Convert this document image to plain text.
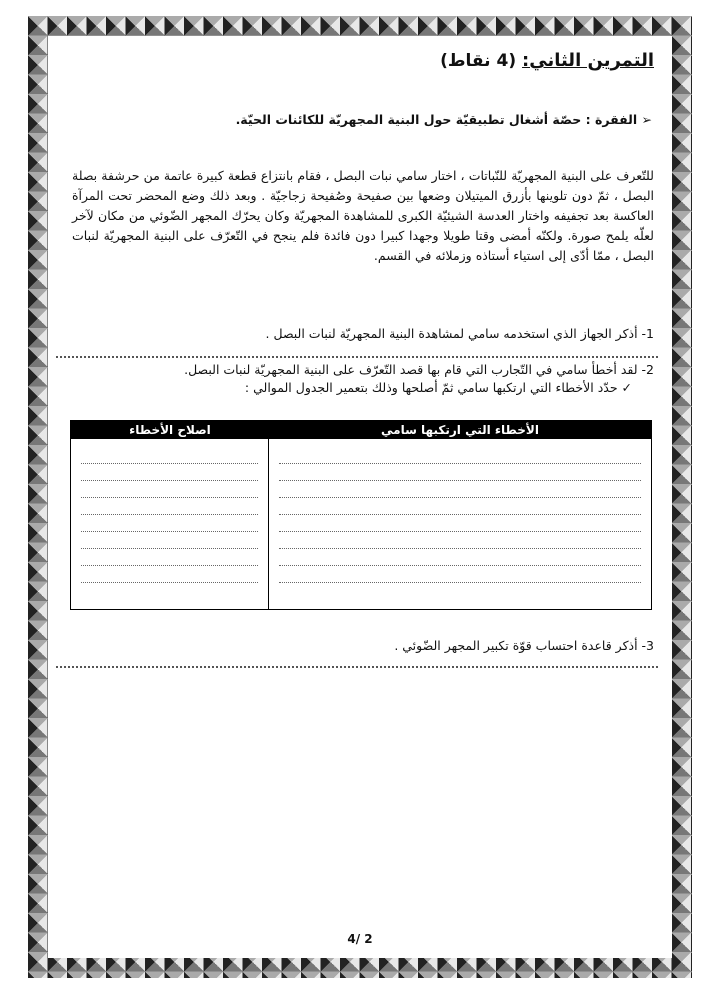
التمرين الثاني: (4 نقاط)
➢ الفقرة : حصّة أشغال تطبيقيّة حول البنية المجهريّة للكائنات الحيّة.
للتّعرف على البنية المجهريّة للنّباتات ، اختار سامي نبات البصل ، فقام بانتزاع قطعة كبيرة عاتمة من حرشفة بصلة البصل ، ثمّ دون تلوينها بأزرق الميتيلان وضعها بين صفيحة وصُفيحة زجاجيّة . وبعد ذلك وضع المحضر تحت المرآة العاكسة بعد تجفيفه واختار العدسة الشيئيّة الكبرى للمشاهدة المجهريّة وكان يحرّك المجهر الضّوئي من مكان لآخر لعلّه يلمح صورة. ولكنّه أمضى وقتا طويلا وجهدا كبيرا دون فائدة فلم ينجح في التّعرّف على البنية المجهريّة لنبات البصل ، ممّا أدّى إلى استياء أستاذه وزملائه في القسم.
1- أذكر الجهاز الذي استخدمه سامي لمشاهدة البنية المجهريّة لنبات البصل .
2- لقد أخطأ سامي في التّجارب التي قام بها قصد التّعرّف على البنية المجهريّة لنبات البصل.
✓ حدّد الأخطاء التي ارتكبها سامي ثمّ أصلحها وذلك بتعمير الجدول الموالي :
الأخطاء التي ارتكبها سامي	اصلاح الأخطاء

3- أذكر قاعدة احتساب قوّة تكبير المجهر الضّوئي .
4/ 2
